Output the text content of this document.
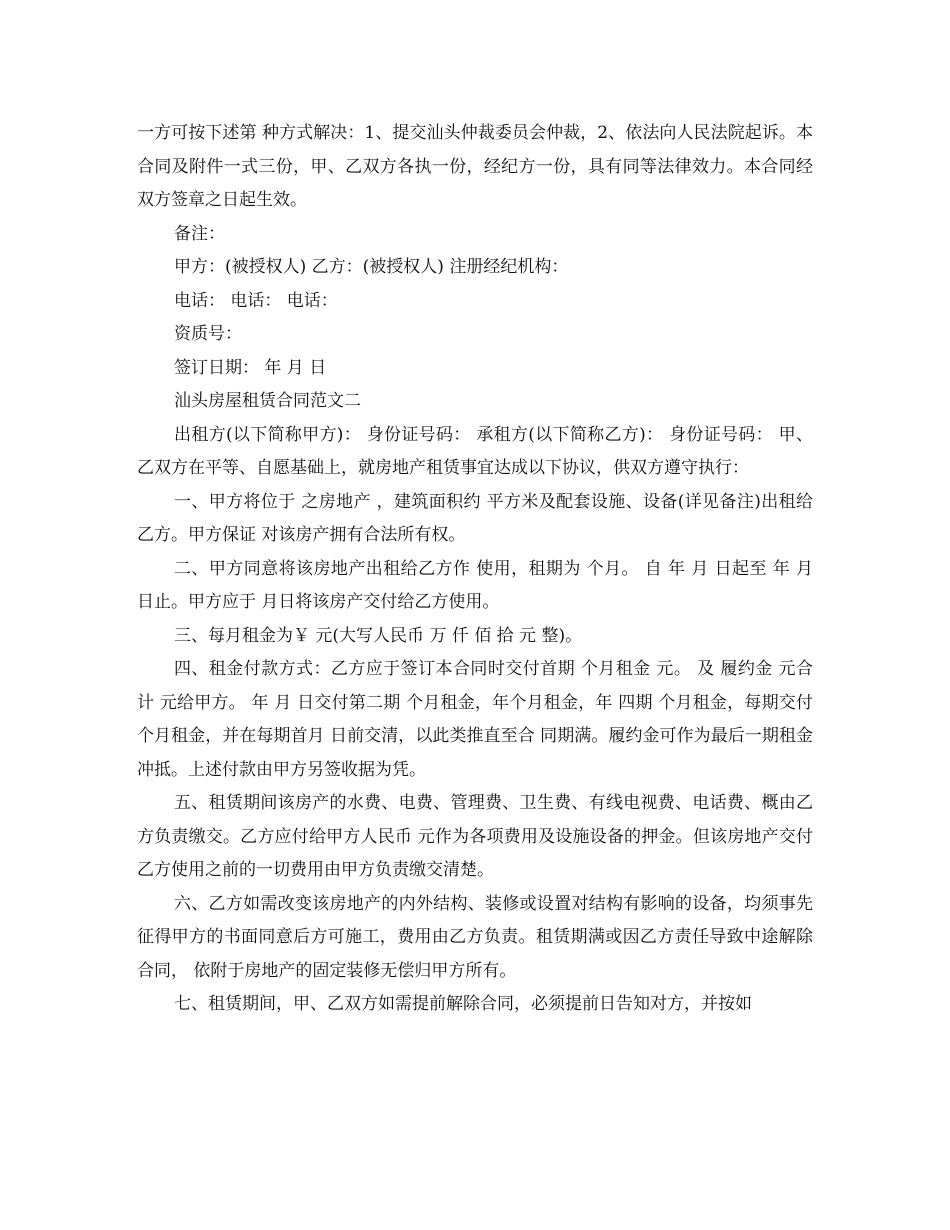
一方可按下述第 种方式解决：1、提交汕头仲裁委员会仲裁，2、依法向人民法院起诉。本合同及附件一式三份，甲、乙双方各执一份，经纪方一份，具有同等法律效力。本合同经双方签章之日起生效。

备注：

甲方：(被授权人) 乙方：(被授权人) 注册经纪机构：

电话： 电话： 电话：

资质号：

签订日期： 年 月 日

汕头房屋租赁合同范文二

出租方(以下简称甲方)： 身份证号码： 承租方(以下简称乙方)： 身份证号码： 甲、 乙双方在平等、自愿基础上，就房地产租赁事宜达成以下协议，供双方遵守执行：

一、甲方将位于 之房地产 ，建筑面积约 平方米及配套设施、设备(详见备注)出租给乙方。甲方保证 对该房产拥有合法所有权。

二、甲方同意将该房地产出租给乙方作 使用，租期为 个月。 自 年 月 日起至 年 月 日止。甲方应于 月日将该房产交付给乙方使用。

三、每月租金为￥ 元(大写人民币 万 仟 佰 拾 元 整)。

四、租金付款方式：乙方应于签订本合同时交付首期 个月租金 元。 及 履约金 元合计 元给甲方。 年 月 日交付第二期 个月租金，年个月租金，年 四期 个月租金，每期交付 个月租金，并在每期首月 日前交清，以此类推直至合 同期满。履约金可作为最后一期租金冲抵。上述付款由甲方另签收据为凭。

五、租赁期间该房产的水费、电费、管理费、卫生费、有线电视费、电话费、概由乙方负责缴交。乙方应付给甲方人民币 元作为各项费用及设施设备的押金。但该房地产交付乙方使用之前的一切费用由甲方负责缴交清楚。

六、乙方如需改变该房地产的内外结构、装修或设置对结构有影响的设备，均须事先征得甲方的书面同意后方可施工，费用由乙方负责。租赁期满或因乙方责任导致中途解除合同， 依附于房地产的固定装修无偿归甲方所有。

七、租赁期间，甲、乙双方如需提前解除合同，必须提前日告知对方，并按如
